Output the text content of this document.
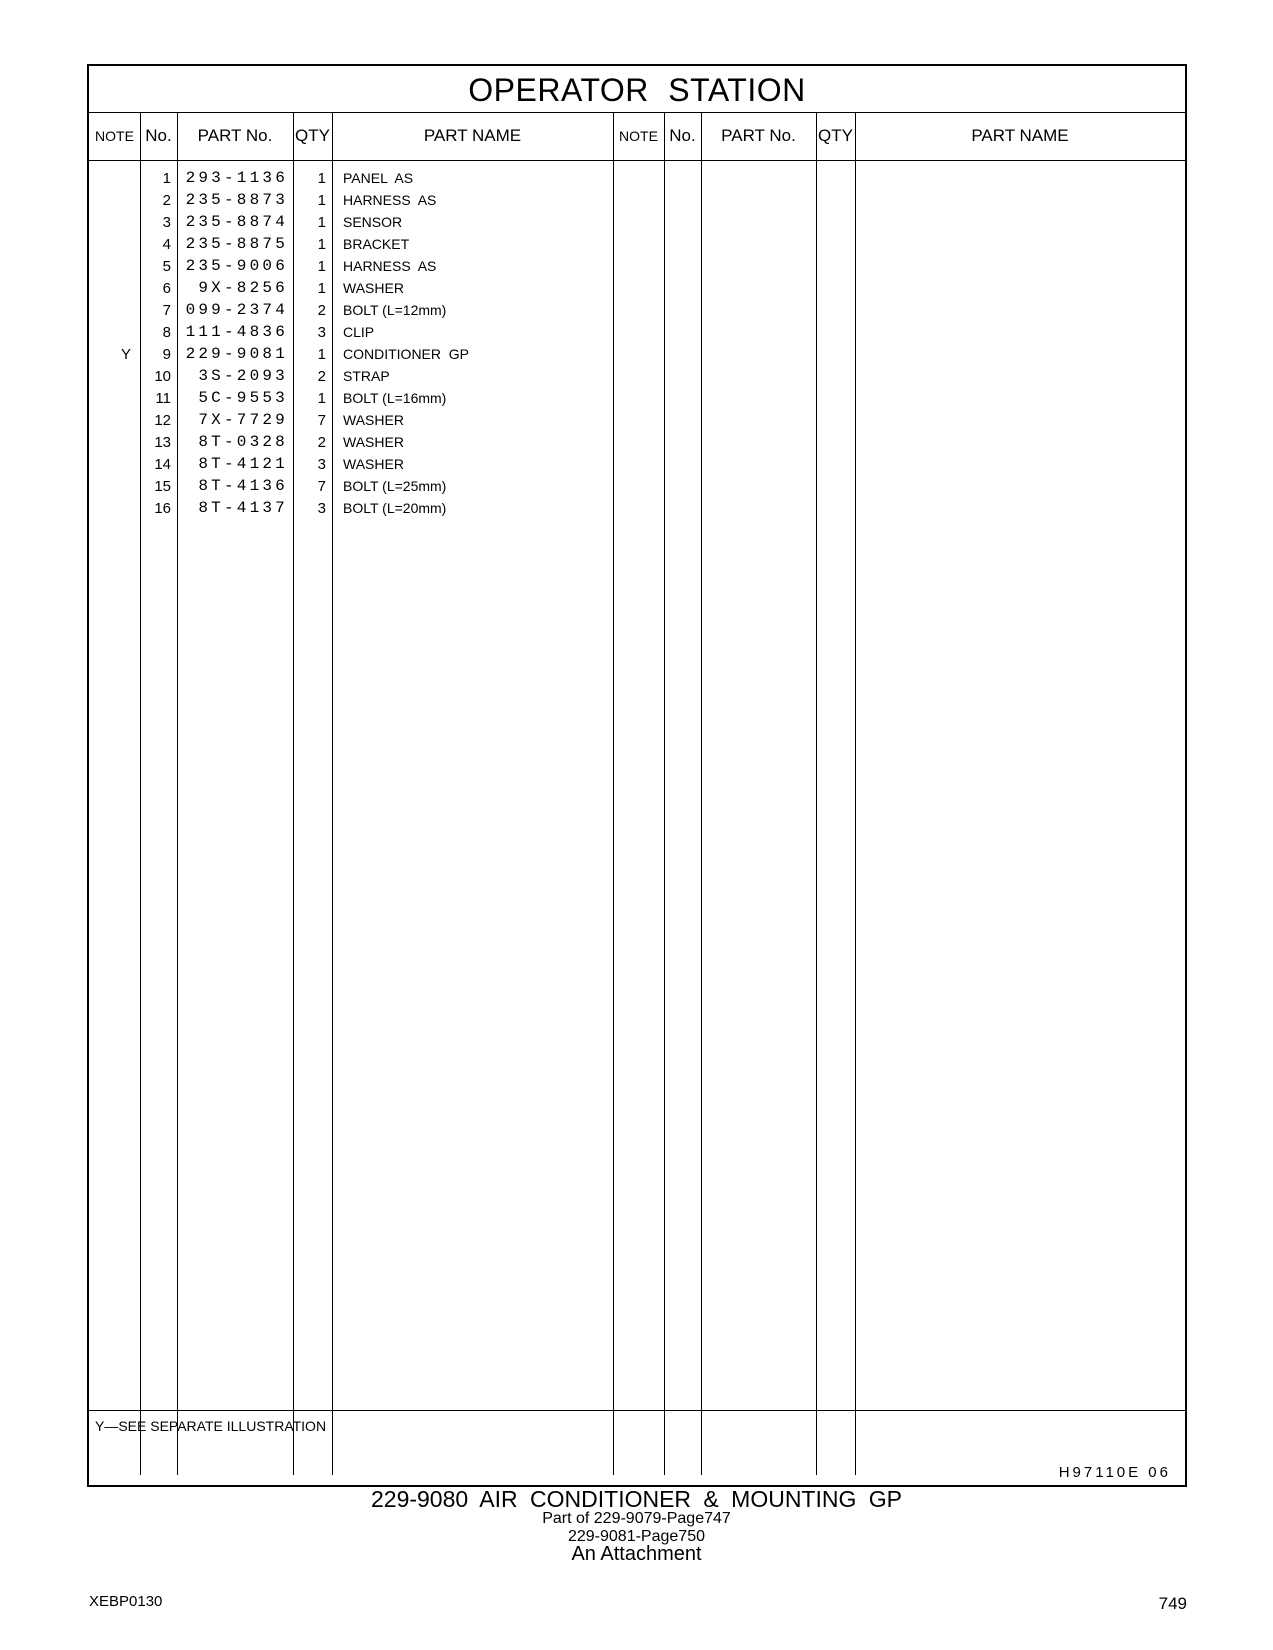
OPERATOR STATION
NOTE No.	PART No.	QTY	PART NAME	NOTE No.	PART No.	QTY	PART NAME
1 293-1136	1 PANEL  AS
2 235-8873	1 HARNESS  AS
3 235-8874	1 SENSOR
4 235-8875	1 BRACKET
5 235-9006	1 HARNESS  AS
6	9X-8256	1 WASHER
7 099-2374	2 BOLT (L=12mm)
8 111-4836	3 CLIP
Y	9 229-9081	1 CONDITIONER  GP
10	3S-2093	2 STRAP
11	5C-9553	1 BOLT (L=16mm)
12	7X-7729	7 WASHER
13	8T-0328	2 WASHER
14	8T-4121	3 WASHER
15	8T-4136	7 BOLT (L=25mm)
16	8T-4137	3 BOLT (L=20mm)
Y—SEE SEPARATE ILLUSTRATION
H97110E 06
229-9080 AIR CONDITIONER & MOUNTING GP
Part of 229-9079-Page747
229-9081-Page750
An Attachment
XEBP0130	749
